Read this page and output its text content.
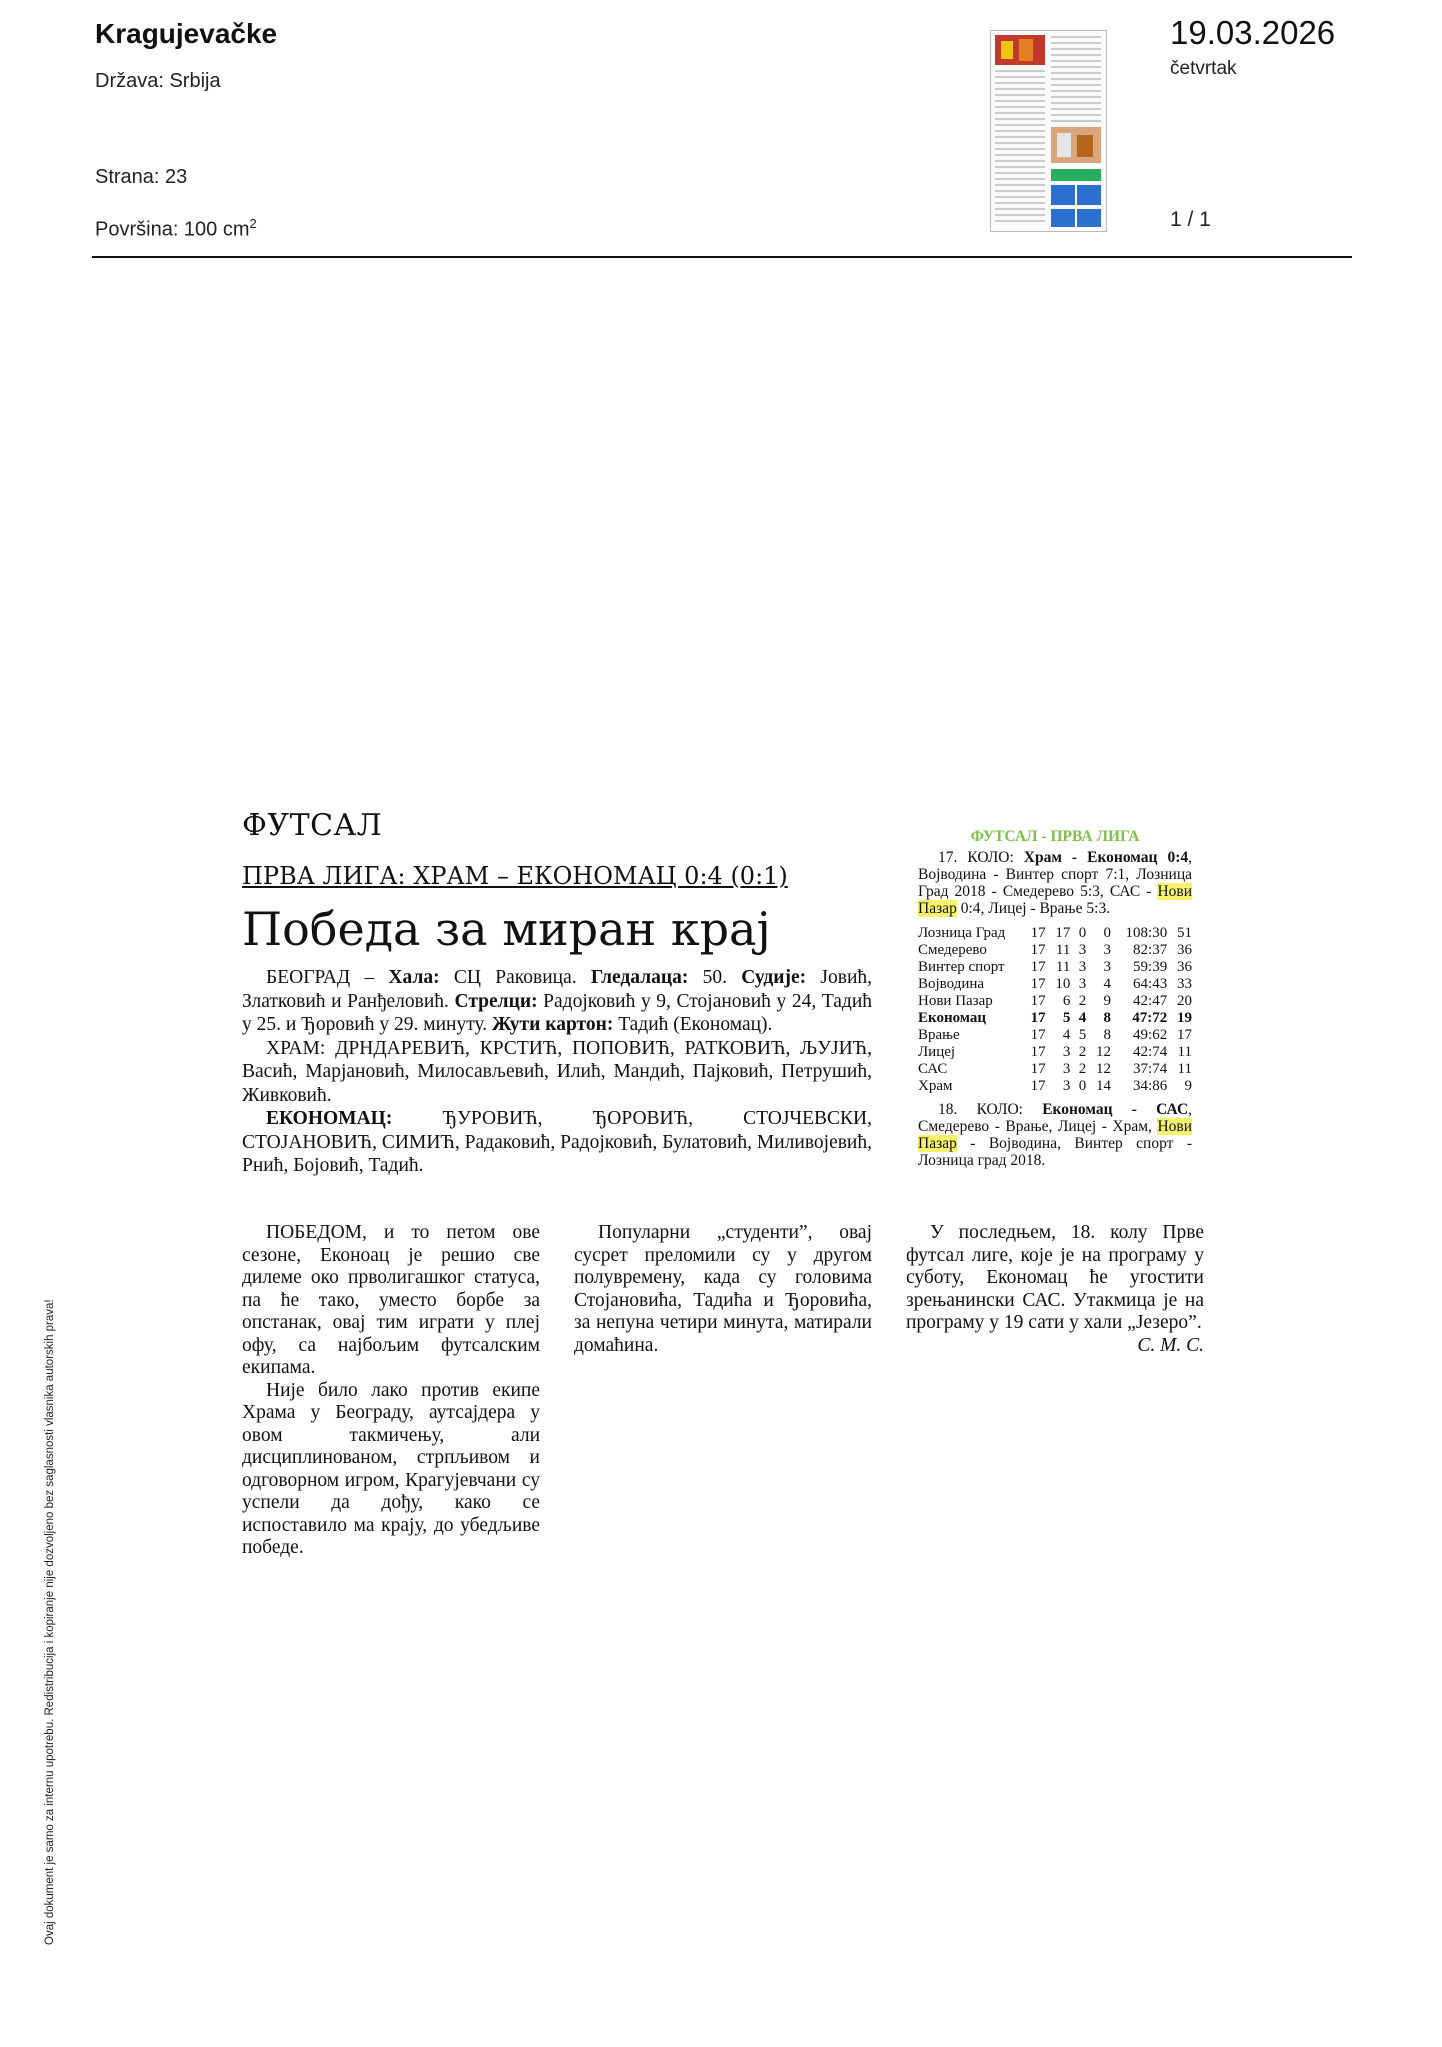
Kragujevačke
Država: Srbija
Strana: 23
Površina: 100 $cm^2$
19.03.2026
četvrtak
1 / 1
ФУТСАЛ
ПРВА ЛИГА: ХРАМ – ЕКОНОМАЦ 0:4 (0:1)
Победа за миран крај

БЕОГРАД – Хала: СЦ Раковица. Гледалаца: 50. Судије: Јовић, Златковић и Ранђеловић. Стрелци: Радојковић у 9, Стојановић у 24, Тадић у 25. и Ђоровић у 29. минуту. Жути картон: Тадић (Економац).

ХРАМ: ДРНДАРЕВИЋ, КРСТИЋ, ПОПОВИЋ, РАТКОВИЋ, ЉУЈИЋ, Васић, Марјановић, Милосављевић, Илић, Мандић, Пајковић, Петрушић, Живковић.

ЕКОНОМАЦ: ЂУРОВИЋ, ЂОРОВИЋ, СТОЈЧЕВСКИ, СТОЈАНОВИЋ, СИМИЋ, Радаковић, Радојковић, Булатовић, Миливојевић, Рнић, Бојовић, Тадић.

ПОБЕДОМ, и то петом ове сезоне, Еконоац је решио све дилеме око прволигашког статуса, па ће тако, уместо борбе за опстанак, овај тим играти у плеј офу, са најбољим футсалским екипама.

Није било лако против екипе Храма у Београду, аутсајдера у овом такмичењу, али дисциплинованом, стрпљивом и одговорном игром, Крагујевчани су успели да дођу, како се испоставило ма крају, до убедљиве победе.

Популарни „студенти”, овај сусрет преломили су у другом полувремену, када су головима Стојановића, Тадића и Ђоровића, за непуна четири минута, матирали домаћина.

У последњем, 18. колу Прве футсал лиге, које је на програму у суботу, Економац ће угостити зрењанински САС. Утакмица је на програму у 19 сати у хали „Језеро”.
С. М. С.

ФУТСАЛ - ПРВА ЛИГА

17. КОЛО: Храм - Економац 0:4, Војводина - Винтер спорт 7:1, Лозница Град 2018 - Смедерево 5:3, САС - Нови Пазар 0:4, Лицеј - Врање 5:3.

Лозница Град	17	17	0	0	108:30	51
Смедерево	17	11	3	3	82:37	36
Винтер спорт	17	11	3	3	59:39	36
Војводина	17	10	3	4	64:43	33
Нови Пазар	17	6	2	9	42:47	20
Економац	17	5	4	8	47:72	19
Врање	17	4	5	8	49:62	17
Лицеј	17	3	2	12	42:74	11
САС	17	3	2	12	37:74	11
Храм	17	3	0	14	34:86	9

18. КОЛО: Економац - САС, Смедерево - Врање, Лицеј - Храм, Нови Пазар - Војводина, Винтер спорт - Лозница град 2018.

Ovaj dokument je samo za internu upotrebu. Redistribucija i kopiranje nije dozvoljeno bez saglasnosti vlasnika autorskih prava!
